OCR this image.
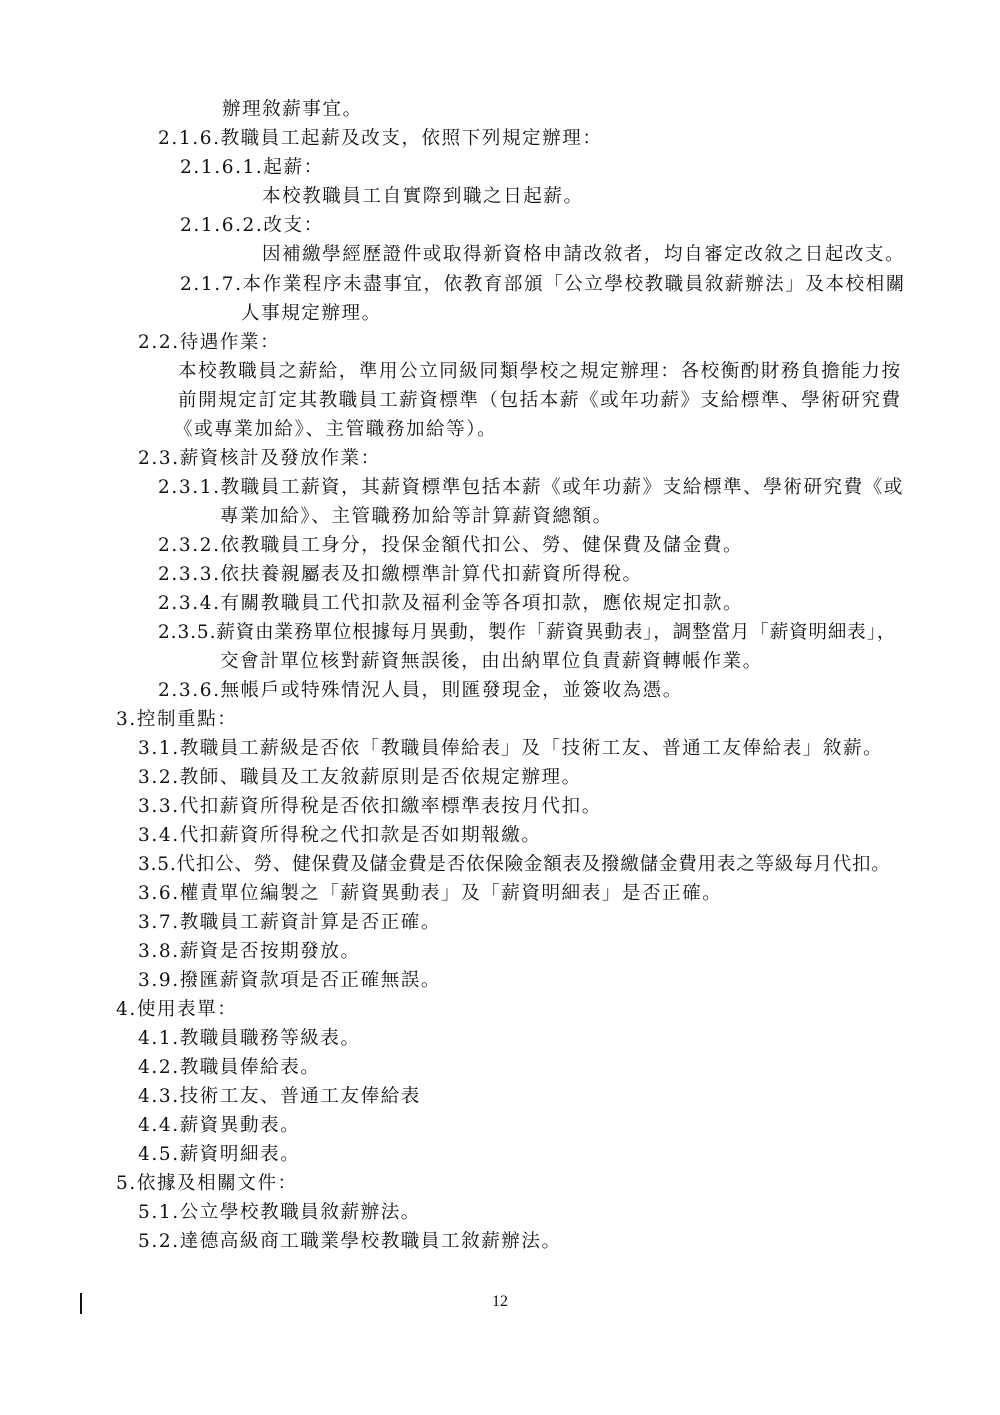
辦理敘薪事宜。
2.1.6.教職員工起薪及改支，依照下列規定辦理：
2.1.6.1.起薪：
本校教職員工自實際到職之日起薪。
2.1.6.2.改支：
因補繳學經歷證件或取得新資格申請改敘者，均自審定改敘之日起改支。
2.1.7.本作業程序未盡事宜，依教育部頒「公立學校教職員敘薪辦法」及本校相關
人事規定辦理。
2.2.待遇作業：
本校教職員之薪給，準用公立同級同類學校之規定辦理：各校衡酌財務負擔能力按
前開規定訂定其教職員工薪資標準（包括本薪《或年功薪》支給標準、學術研究費
《或專業加給》、主管職務加給等）。
2.3.薪資核計及發放作業：
2.3.1.教職員工薪資，其薪資標準包括本薪《或年功薪》支給標準、學術研究費《或
專業加給》、主管職務加給等計算薪資總額。
2.3.2.依教職員工身分，投保金額代扣公、勞、健保費及儲金費。
2.3.3.依扶養親屬表及扣繳標準計算代扣薪資所得稅。
2.3.4.有關教職員工代扣款及福利金等各項扣款，應依規定扣款。
2.3.5.薪資由業務單位根據每月異動，製作「薪資異動表」，調整當月「薪資明細表」，
交會計單位核對薪資無誤後，由出納單位負責薪資轉帳作業。
2.3.6.無帳戶或特殊情況人員，則匯發現金，並簽收為憑。
3.控制重點：
3.1.教職員工薪級是否依「教職員俸給表」及「技術工友、普通工友俸給表」敘薪。
3.2.教師、職員及工友敘薪原則是否依規定辦理。
3.3.代扣薪資所得稅是否依扣繳率標準表按月代扣。
3.4.代扣薪資所得稅之代扣款是否如期報繳。
3.5.代扣公、勞、健保費及儲金費是否依保險金額表及撥繳儲金費用表之等級每月代扣。
3.6.權責單位編製之「薪資異動表」及「薪資明細表」是否正確。
3.7.教職員工薪資計算是否正確。
3.8.薪資是否按期發放。
3.9.撥匯薪資款項是否正確無誤。
4.使用表單：
4.1.教職員職務等級表。
4.2.教職員俸給表。
4.3.技術工友、普通工友俸給表
4.4.薪資異動表。
4.5.薪資明細表。
5.依據及相關文件：
5.1.公立學校教職員敘薪辦法。
5.2.達德高級商工職業學校教職員工敘薪辦法。
12
